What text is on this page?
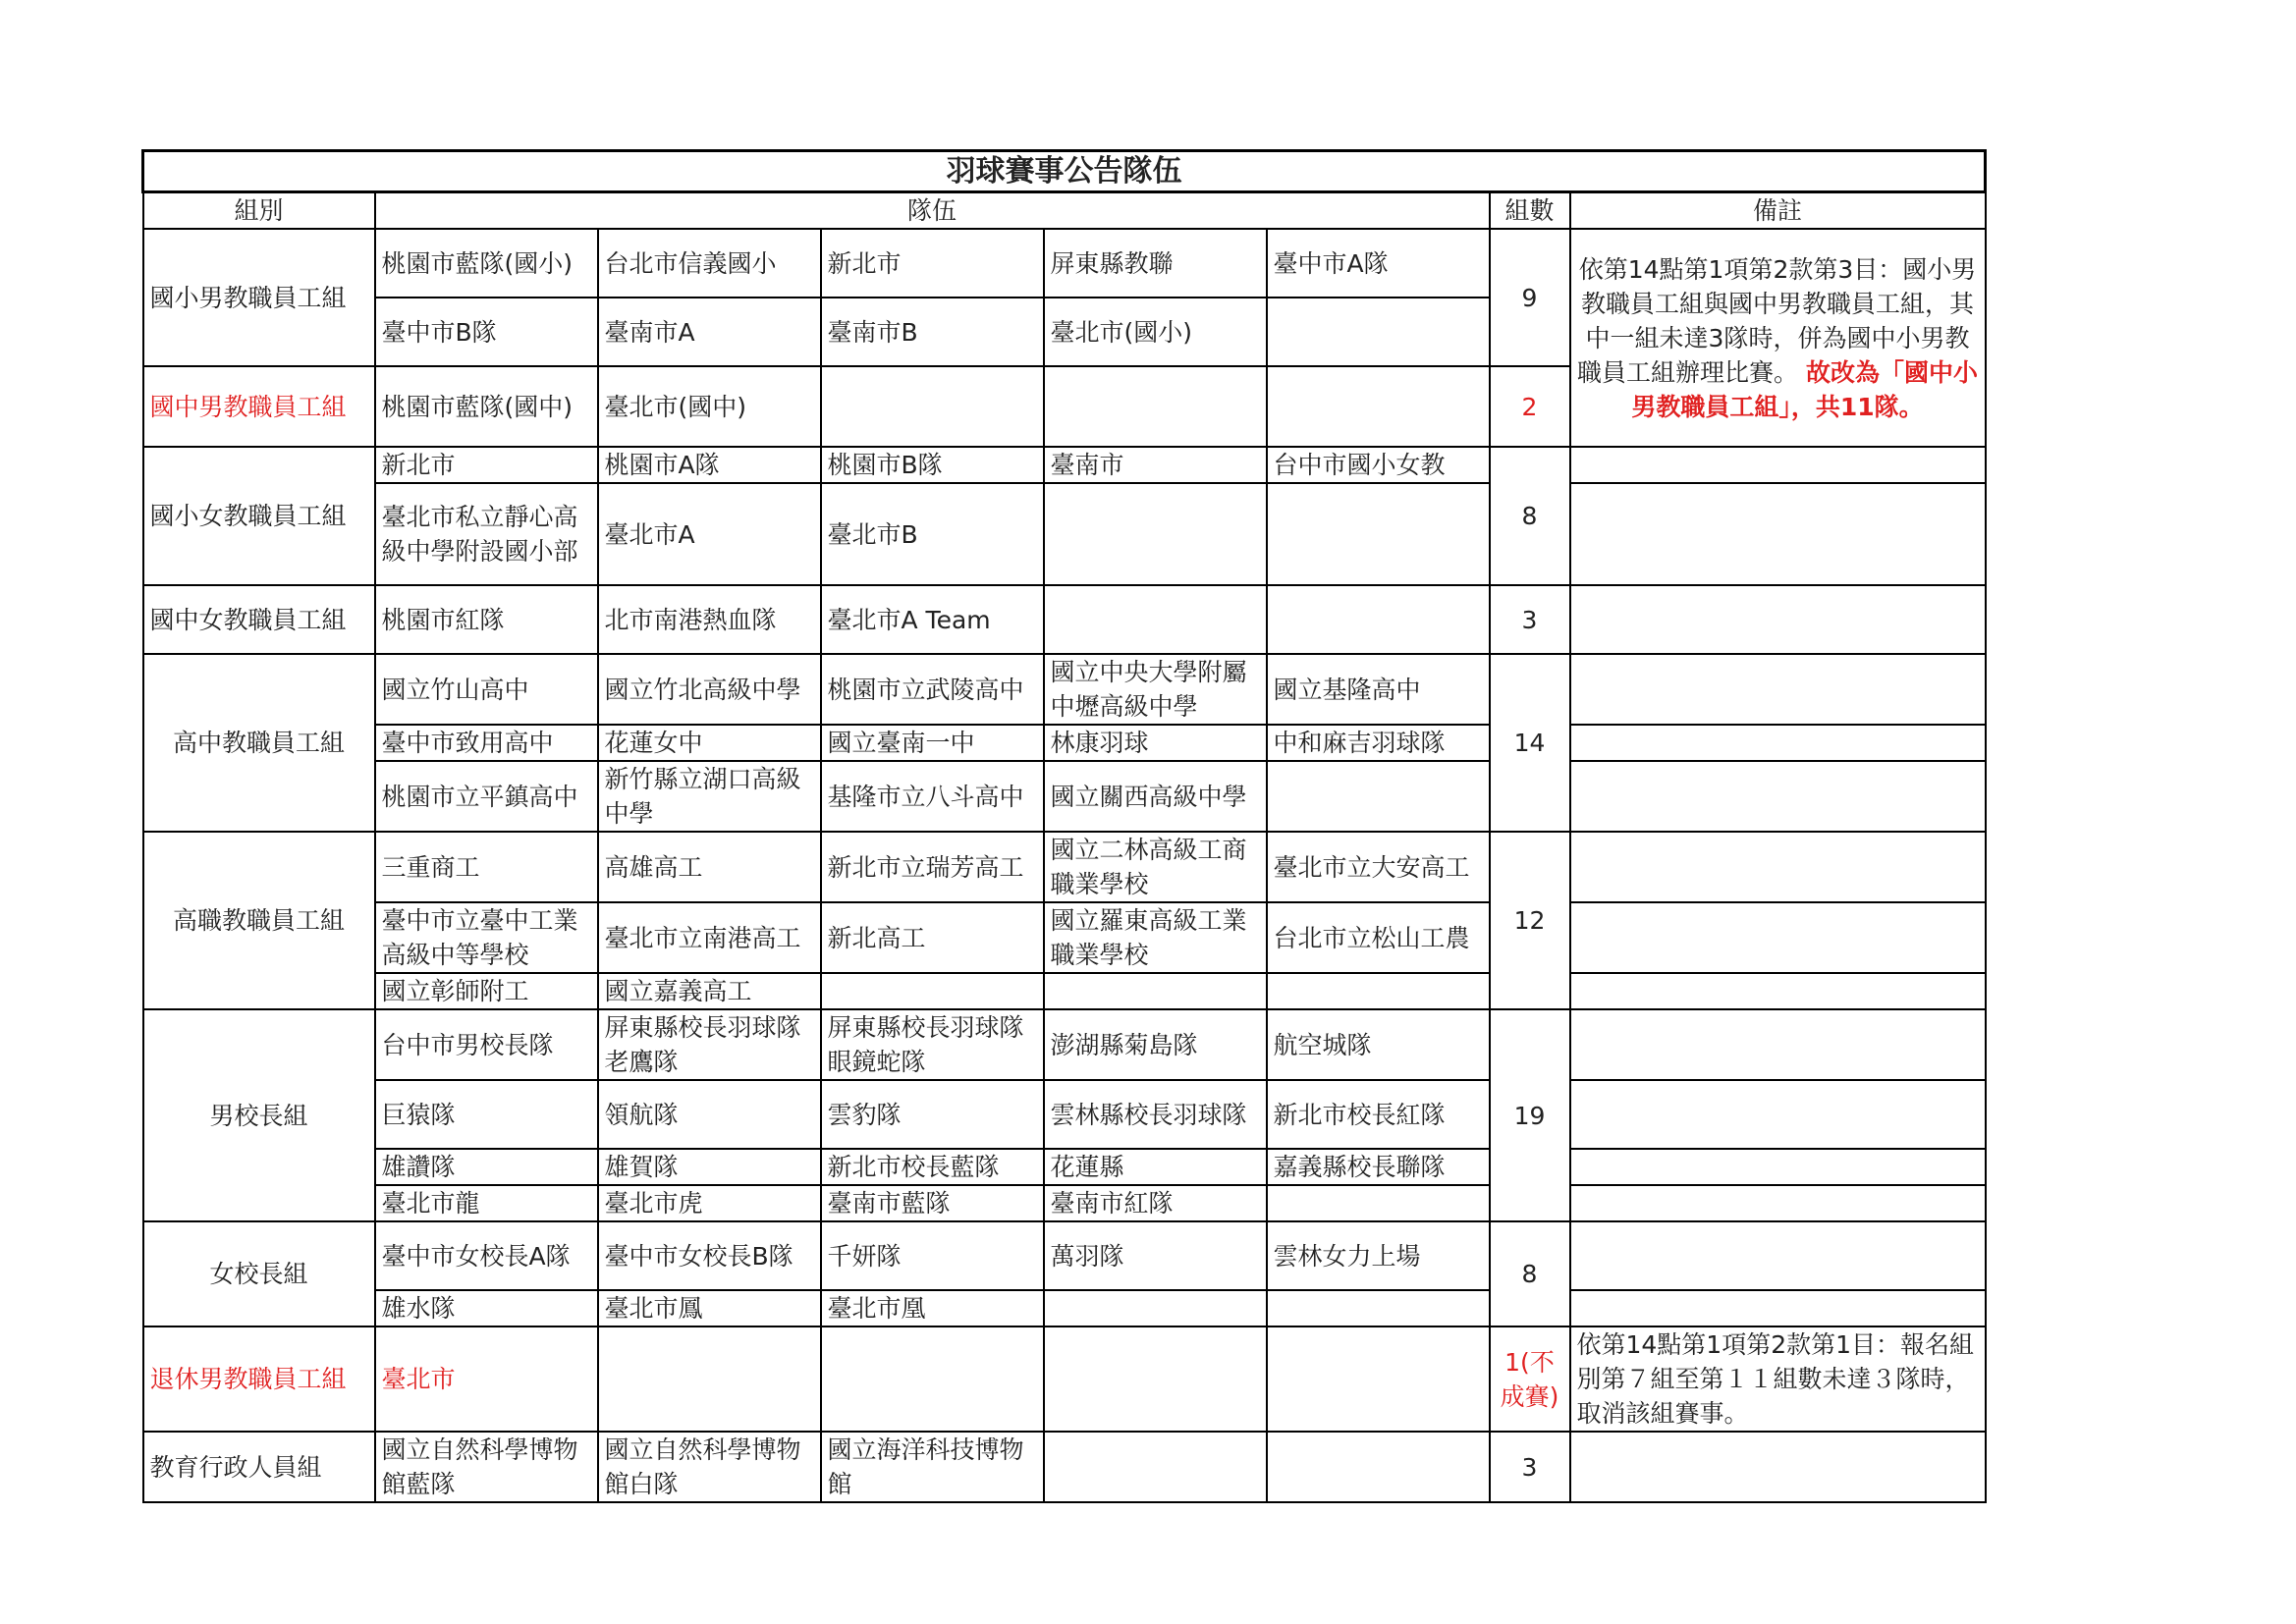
羽球賽事公告隊伍							
組別	隊伍					組數	備註
國小男教職員工組	桃園市藍隊(國小)	台北市信義國小	新北市	屏東縣教聯	臺中市A隊	9	依第14點第1項第2款第3目：國小男教職員工組與國中男教職員工組，其中一組未達3隊時，併為國中小男教職員工組辦理比賽。 故改為「國中小男教職員工組」，共11隊。
	臺中市B隊	臺南市A	臺南市B	臺北市(國小)			
國中男教職員工組	桃園市藍隊(國中)	臺北市(國中)				2	
國小女教職員工組	新北市	桃園市A隊	桃園市B隊	臺南市	台中市國小女教	8	
	臺北市私立靜心高級中學附設國小部	臺北市A	臺北市B				
國中女教職員工組	桃園市紅隊	北市南港熱血隊	臺北市A Team			3	
高中教職員工組	國立竹山高中	國立竹北高級中學	桃園市立武陵高中	國立中央大學附屬中壢高級中學	國立基隆高中	14	
	臺中市致用高中	花蓮女中	國立臺南一中	林康羽球	中和麻吉羽球隊		
	桃園市立平鎮高中	新竹縣立湖口高級中學	基隆市立八斗高中	國立關西高級中學			
高職教職員工組	三重商工	高雄高工	新北市立瑞芳高工	國立二林高級工商職業學校	臺北市立大安高工	12	
	臺中市立臺中工業高級中等學校	臺北市立南港高工	新北高工	國立羅東高級工業職業學校	台北市立松山工農		
	國立彰師附工	國立嘉義高工					
男校長組	台中市男校長隊	屏東縣校長羽球隊老鷹隊	屏東縣校長羽球隊眼鏡蛇隊	澎湖縣菊島隊	航空城隊	19	
	巨猿隊	領航隊	雲豹隊	雲林縣校長羽球隊	新北市校長紅隊		
	雄讚隊	雄賀隊	新北市校長藍隊	花蓮縣	嘉義縣校長聯隊		
	臺北市龍	臺北市虎	臺南市藍隊	臺南市紅隊			
女校長組	臺中市女校長A隊	臺中市女校長B隊	千妍隊	萬羽隊	雲林女力上場	8	
	雄水隊	臺北市鳳	臺北市凰				
退休男教職員工組	臺北市					1(不成賽)	依第14點第1項第2款第1目：報名組別第７組至第１１組數未達３隊時，取消該組賽事。
教育行政人員組	國立自然科學博物館藍隊	國立自然科學博物館白隊	國立海洋科技博物館			3	
